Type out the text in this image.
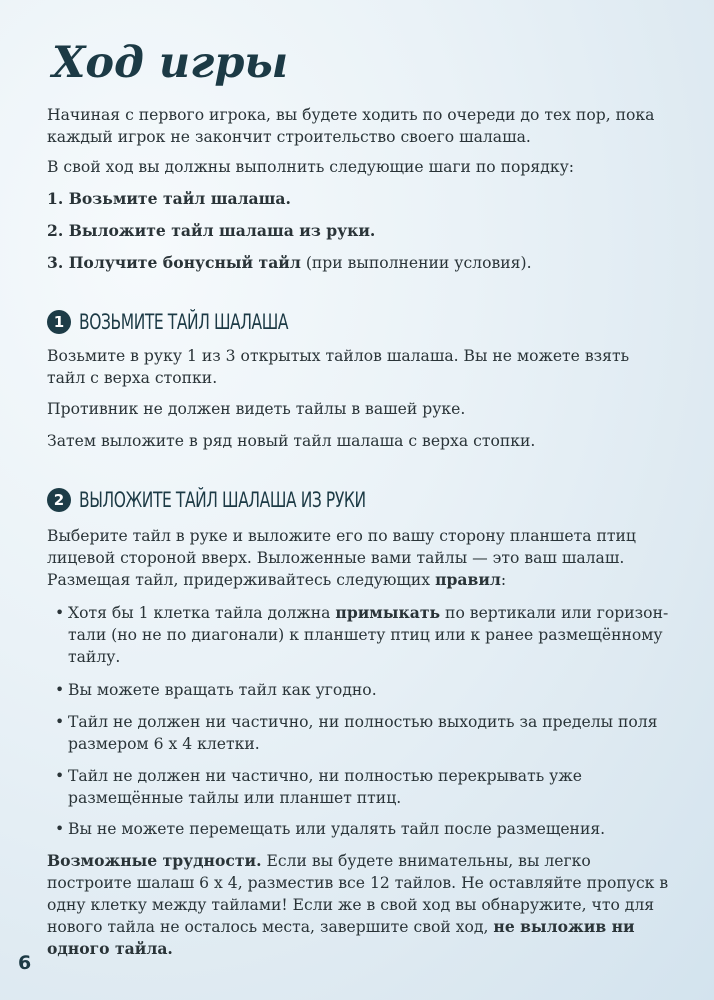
Ход игры

Начиная с первого игрока, вы будете ходить по очереди до тех пор, пока каждый игрок не закончит строительство своего шалаша.

В свой ход вы должны выполнить следующие шаги по порядку:

1. Возьмите тайл шалаша.

2. Выложите тайл шалаша из руки.

3. Получите бонусный тайл (при выполнении условия).

1 ВОЗЬМИТЕ ТАЙЛ ШАЛАША

Возьмите в руку 1 из 3 открытых тайлов шалаша. Вы не можете взять тайл с верха стопки.

Противник не должен видеть тайлы в вашей руке.

Затем выложите в ряд новый тайл шалаша с верха стопки.

2 ВЫЛОЖИТЕ ТАЙЛ ШАЛАША ИЗ РУКИ

Выберите тайл в руке и выложите его по вашу сторону планшета птиц лицевой стороной вверх. Выложенные вами тайлы — это ваш шалаш. Размещая тайл, придерживайтесь следующих правил:

• Хотя бы 1 клетка тайла должна примыкать по вертикали или горизон-тали (но не по диагонали) к планшету птиц или к ранее размещённому тайлу.
• Вы можете вращать тайл как угодно.
• Тайл не должен ни частично, ни полностью выходить за пределы поля размером 6 х 4 клетки.
• Тайл не должен ни частично, ни полностью перекрывать уже размещённые тайлы или планшет птиц.
• Вы не можете перемещать или удалять тайл после размещения.

Возможные трудности. Если вы будете внимательны, вы легко построите шалаш 6 х 4, разместив все 12 тайлов. Не оставляйте пропуск в одну клетку между тайлами! Если же в свой ход вы обнаружите, что для нового тайла не осталось места, завершите свой ход, не выложив ни одного тайла.

6
